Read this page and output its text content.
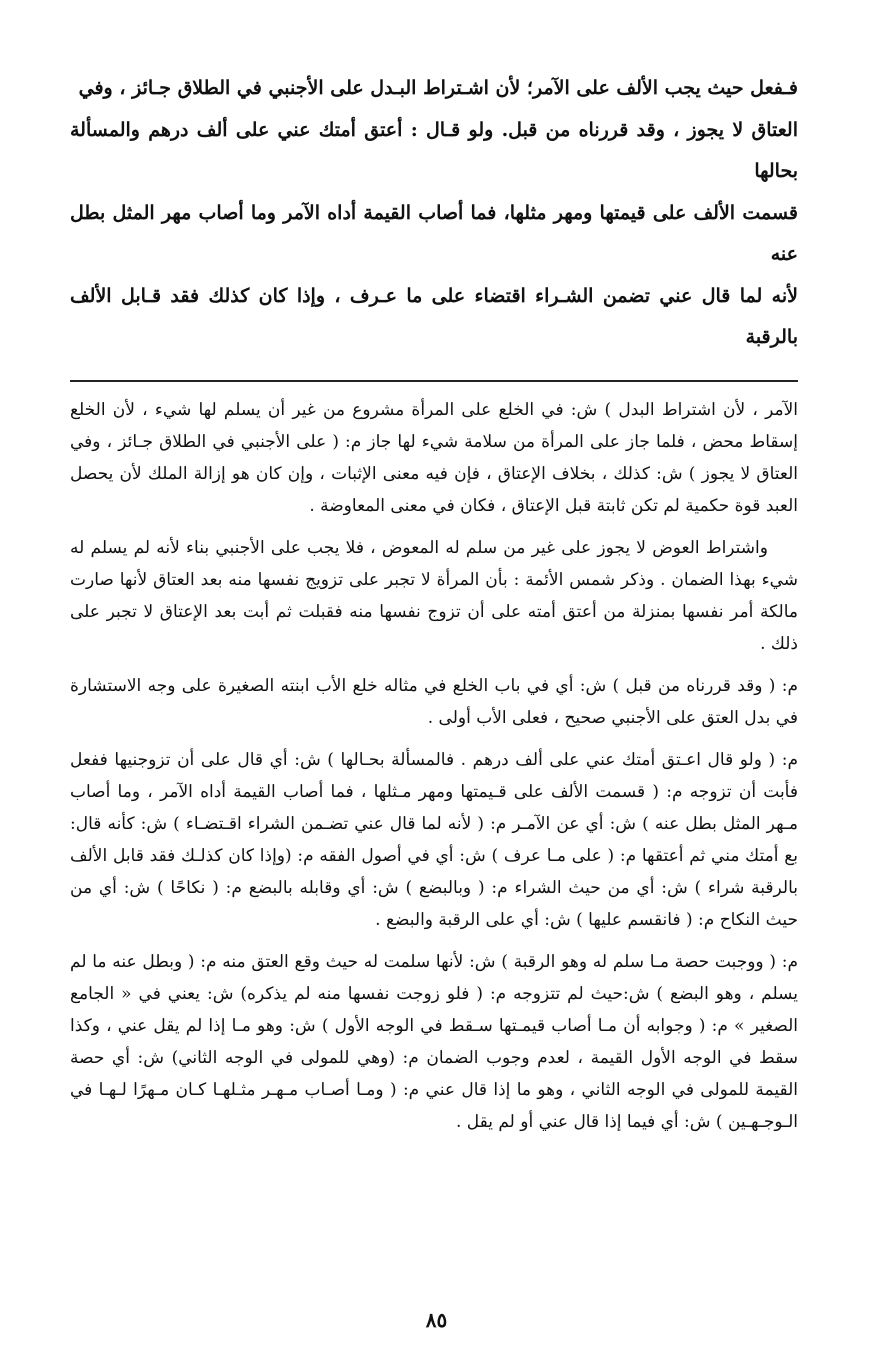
فـفعل حيث يجب الألف على الآمر؛ لأن اشـتراط البـدل على الأجنبي في الطلاق جـائز ، وفي
العتاق لا يجوز ، وقد قررناه من قبل. ولو قـال : أعتق أمتك عني على ألف درهم والمسألة بحالها
قسمت الألف على قيمتها ومهر مثلها، فما أصاب القيمة أداه الآمر وما أصاب مهر المثل بطل عنه
لأنه لما قال عني تضمن الشـراء اقتضاء على ما عـرف ، وإذا كان كذلك فقد قـابل الألف بالرقبة

الآمر ، لأن اشتراط البدل ) ش: في الخلع على المرأة مشروع من غير أن يسلم لها شيء ، لأن الخلع إسقاط محض ، فلما جاز على المرأة من سلامة شيء لها جاز م: ( على الأجنبي في الطلاق جـائز ، وفي العتاق لا يجوز ) ش: كذلك ، بخلاف الإعتاق ، فإن فيه معنى الإثبات ، وإن كان هو إزالة الملك لأن يحصل العبد قوة حكمية لم تكن ثابتة قبل الإعتاق ، فكان في معنى المعاوضة .

واشتراط العوض لا يجوز على غير من سلم له المعوض ، فلا يجب على الأجنبي بناء لأنه لم يسلم له شيء بهذا الضمان . وذكر شمس الأئمة : بأن المرأة لا تجبر على تزويج نفسها منه بعد العتاق لأنها صارت مالكة أمر نفسها بمنزلة من أعتق أمته على أن تزوج نفسها منه فقبلت ثم أبت بعد الإعتاق لا تجبر على ذلك .

م: ( وقد قررناه من قبل ) ش: أي في باب الخلع في مثاله خلع الأب ابنته الصغيرة على وجه الاستشارة في بدل العتق على الأجنبي صحيح ، فعلى الأب أولى .

م: ( ولو قال اعـتق أمتك عني على ألف درهم . فالمسألة بحـالها ) ش: أي قال على أن تزوجنيها ففعل فأبت أن تزوجه م: ( قسمت الألف على قـيمتها ومهر مـثلها ، فما أصاب القيمة أداه الآمر ، وما أصاب مـهر المثل بطل عنه ) ش: أي عن الآمـر م: ( لأنه لما قال عني تضـمن الشراء اقـتضـاء ) ش: كأنه قال: بع أمتك مني ثم أعتقها م: ( على مـا عرف ) ش: أي في أصول الفقه م: (وإذا كان كذلـك فقد قابل الألف بالرقبة شراء ) ش: أي من حيث الشراء م: ( وبالبضع ) ش: أي وقابله بالبضع م: ( نكاحًا ) ش: أي من حيث النكاح م: ( فانقسم عليها ) ش: أي على الرقبة والبضع .

م: ( ووجبت حصة مـا سلم له وهو الرقبة ) ش: لأنها سلمت له حيث وقع العتق منه م: ( وبطل عنه ما لم يسلم ، وهو البضع ) ش:حيث لم تتزوجه م: ( فلو زوجت نفسها منه لم يذكره) ش: يعني في « الجامع الصغير » م: ( وجوابه أن مـا أصاب قيمـتها سـقط في الوجه الأول ) ش: وهو مـا إذا لم يقل عني ، وكذا سقط في الوجه الأول القيمة ، لعدم وجوب الضمان م: (وهي للمولى في الوجه الثاني) ش: أي حصة القيمة للمولى في الوجه الثاني ، وهو ما إذا قال عني م: ( ومـا أصـاب مـهـر مثـلهـا كـان مـهرًا لـهـا في الـوجـهـين ) ش: أي فيما إذا قال عني أو لم يقل .

٨٥
